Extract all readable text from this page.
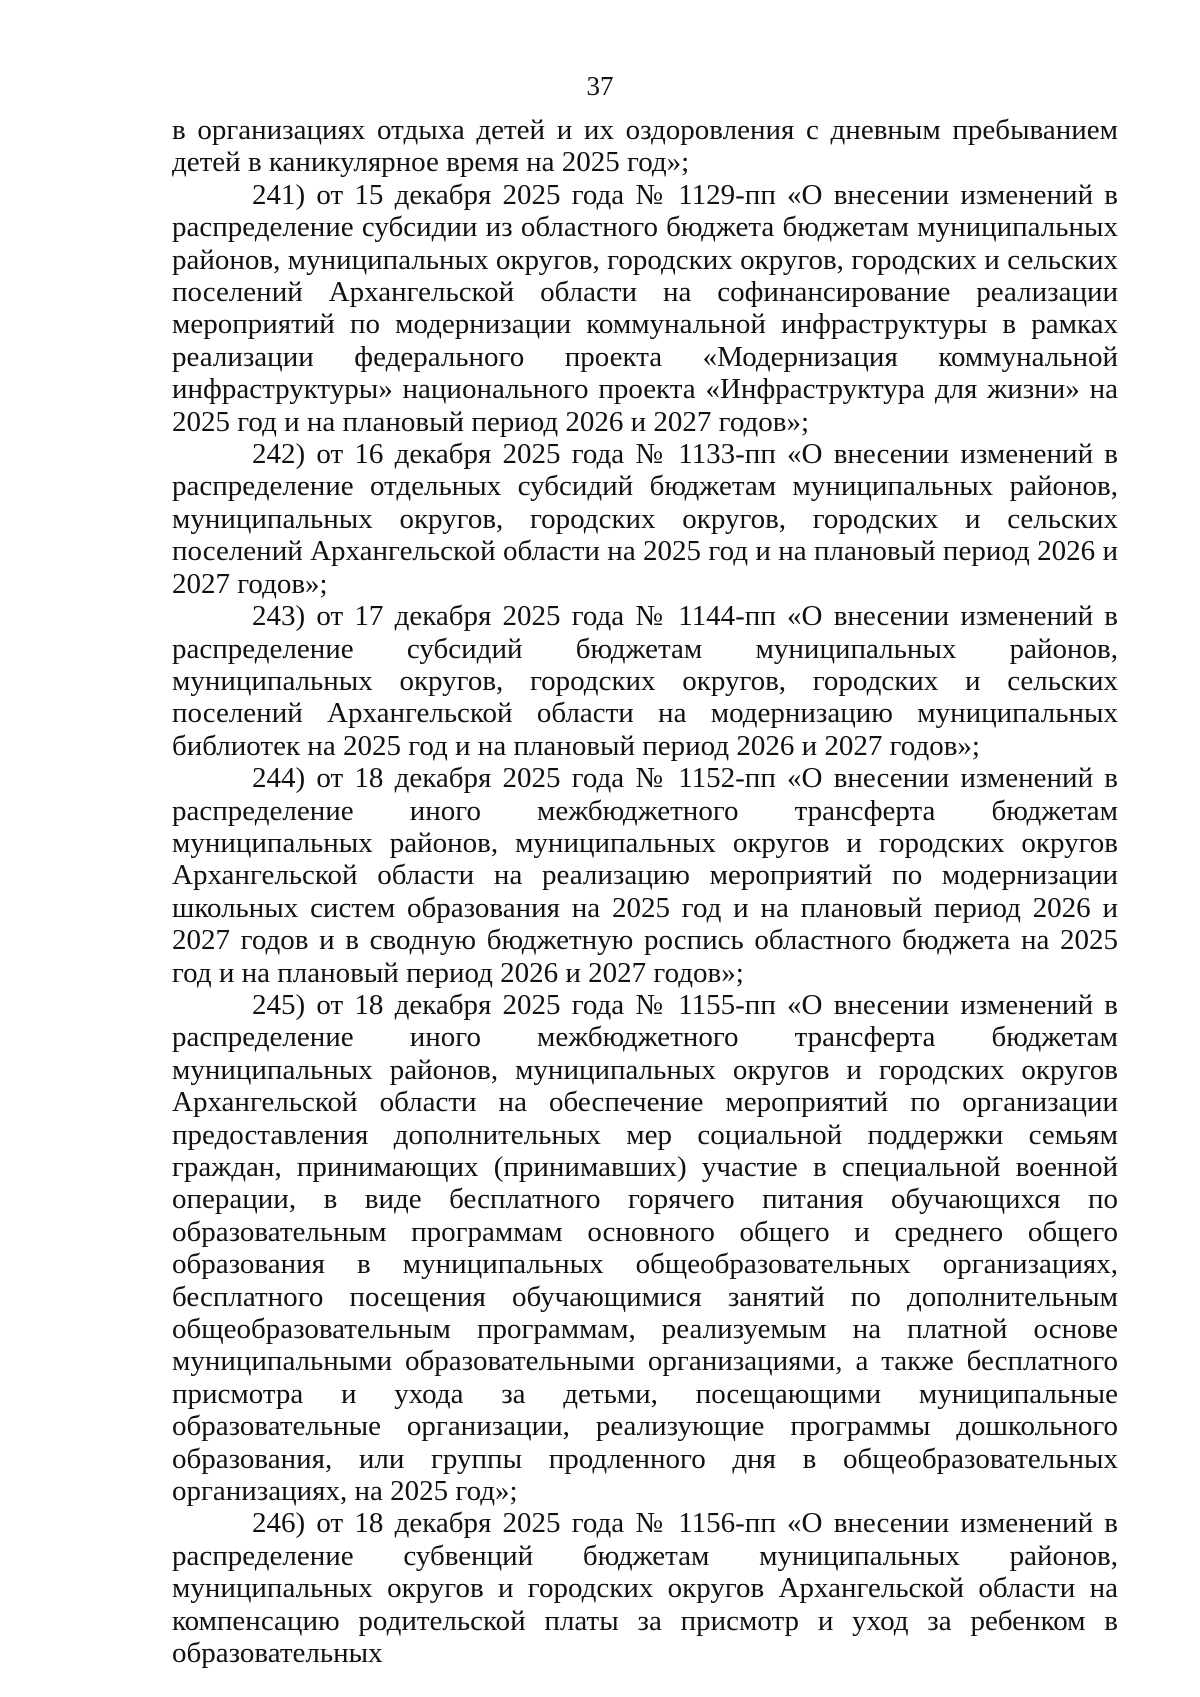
37

в организациях отдыха детей и их оздоровления с дневным пребыванием детей в каникулярное время на 2025 год»;

241) от 15 декабря 2025 года № 1129-пп «О внесении изменений в распределение субсидии из областного бюджета бюджетам муниципальных районов, муниципальных округов, городских округов, городских и сельских поселений Архангельской области на софинансирование реализации мероприятий по модернизации коммунальной инфраструктуры в рамках реализации федерального проекта «Модернизация коммунальной инфраструктуры» национального проекта «Инфраструктура для жизни» на 2025 год и на плановый период 2026 и 2027 годов»;

242) от 16 декабря 2025 года № 1133-пп «О внесении изменений в распределение отдельных субсидий бюджетам муниципальных районов, муниципальных округов, городских округов, городских и сельских поселений Архангельской области на 2025 год и на плановый период 2026 и 2027 годов»;

243) от 17 декабря 2025 года № 1144-пп «О внесении изменений в распределение субсидий бюджетам муниципальных районов, муниципальных округов, городских округов, городских и сельских поселений Архангельской области на модернизацию муниципальных библиотек на 2025 год и на плановый период 2026 и 2027 годов»;

244) от 18 декабря 2025 года № 1152-пп «О внесении изменений в распределение иного межбюджетного трансферта бюджетам муниципальных районов, муниципальных округов и городских округов Архангельской области на реализацию мероприятий по модернизации школьных систем образования на 2025 год и на плановый период 2026 и 2027 годов и в сводную бюджетную роспись областного бюджета на 2025 год и на плановый период 2026 и 2027 годов»;

245) от 18 декабря 2025 года № 1155-пп «О внесении изменений в распределение иного межбюджетного трансферта бюджетам муниципальных районов, муниципальных округов и городских округов Архангельской области на обеспечение мероприятий по организации предоставления дополнительных мер социальной поддержки семьям граждан, принимающих (принимавших) участие в специальной военной операции, в виде бесплатного горячего питания обучающихся по образовательным программам основного общего и среднего общего образования в муниципальных общеобразовательных организациях, бесплатного посещения обучающимися занятий по дополнительным общеобразовательным программам, реализуемым на платной основе муниципальными образовательными организациями, а также бесплатного присмотра и ухода за детьми, посещающими муниципальные образовательные организации, реализующие программы дошкольного образования, или группы продленного дня в общеобразовательных организациях, на 2025 год»;

246) от 18 декабря 2025 года № 1156-пп «О внесении изменений в распределение субвенций бюджетам муниципальных районов, муниципальных округов и городских округов Архангельской области на компенсацию родительской платы за присмотр и уход за ребенком в образовательных
